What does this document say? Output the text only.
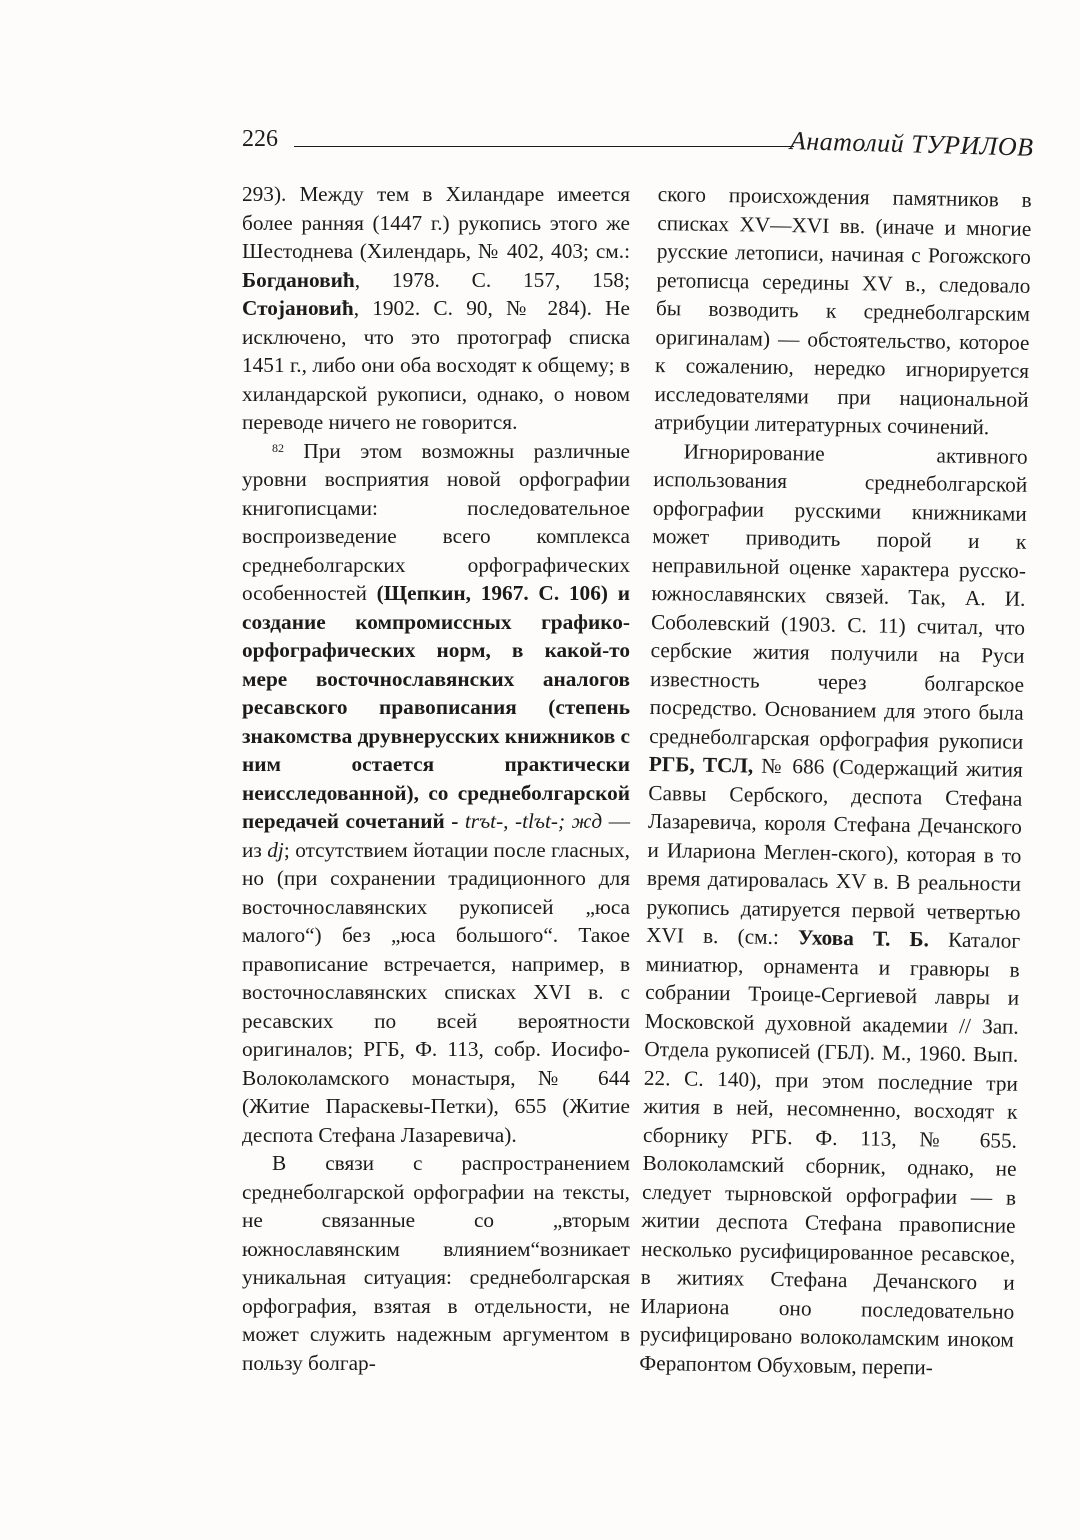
226	Анатолий ТУРИЛОВ

293). Между тем в Хиландаре имеется более ранняя (1447 г.) рукопись этого же Шестоднева (Хилендарь, № 402, 403; см.: Богдановић, 1978. С. 157, 158; Стојановић, 1902. С. 90, № 284). Не исключено, что это протограф списка 1451 г., либо они оба восходят к общему; в хиландарской рукописи, однако, о новом переводе ничего не говорится.

$^{82}$ При этом возможны различные уровни восприятия новой орфографии книгописцами: последовательное воспроизведение всего комплекса среднеболгарских орфографических особенностей (Щепкин, 1967. С. 106) и создание компромиссных графико-орфографических норм, в какой-то мере восточнославянских аналогов ресавского правописания (степень знакомства друвнерусских книжников с ним остается практически неисследованной), со среднеболгарской передачей сочетаний - trъt-, -tlъt-; жд — из dj; отсутствием йотации после гласных, но (при сохранении традиционного для восточнославянских рукописей „юса малого“) без „юса большого“. Такое правописание встречается, например, в восточнославянских списках XVI в. с ресавских по всей вероятности оригиналов; РГБ, Ф. 113, собр. Иосифо-Волоколамского монастыря, № 644 (Житие Параскевы-Петки), 655 (Житие деспота Стефана Лазаревича).

В связи с распространением среднеболгарской орфографии на тексты, не связанные со „вторым южнославянским влиянием“возникает уникальная ситуация: среднеболгарская орфография, взятая в отдельности, не может служить надежным аргументом в пользу болгар-

ского происхождения памятников в списках XV—XVI вв. (иначе и многие русские летописи, начиная с Рогожского ретописца середины XV в., следовало бы возводить к среднеболгарским оригиналам) — обстоятельство, которое к сожалению, нередко игнорируется исследователями при национальной атрибуции литературных сочинений.

Игнорирование активного использования среднеболгарской орфографии русскими книжниками может приводить порой и к неправильной оценке характера русско-южнославянских связей. Так, А. И. Соболевский (1903. С. 11) считал, что сербские жития получили на Руси известность через болгарское посредство. Основанием для этого была среднеболгарская орфография рукописи РГБ, ТСЛ, № 686 (Содержащий жития Саввы Сербского, деспота Стефана Лазаревича, короля Стефана Дечанского и Илариона Меглен-ского), которая в то время датировалась XV в. В реальности рукопись датируется первой четвертью XVI в. (см.: Ухова Т. Б. Каталог миниатюр, орнамента и гравюры в собрании Троице-Сергиевой лавры и Московской духовной академии // Зап. Отдела рукописей (ГБЛ). М., 1960. Вып. 22. С. 140), при этом последние три жития в ней, несомненно, восходят к сборнику РГБ. Ф. 113, № 655. Волоколамский сборник, однако, не следует тырновской орфографии — в житии деспота Стефана правописние несколько русифицированное ресавское, в житиях Стефана Дечанского и Илариона оно последовательно русифицировано волоколамским иноком Ферапонтом Обуховым, перепи-
